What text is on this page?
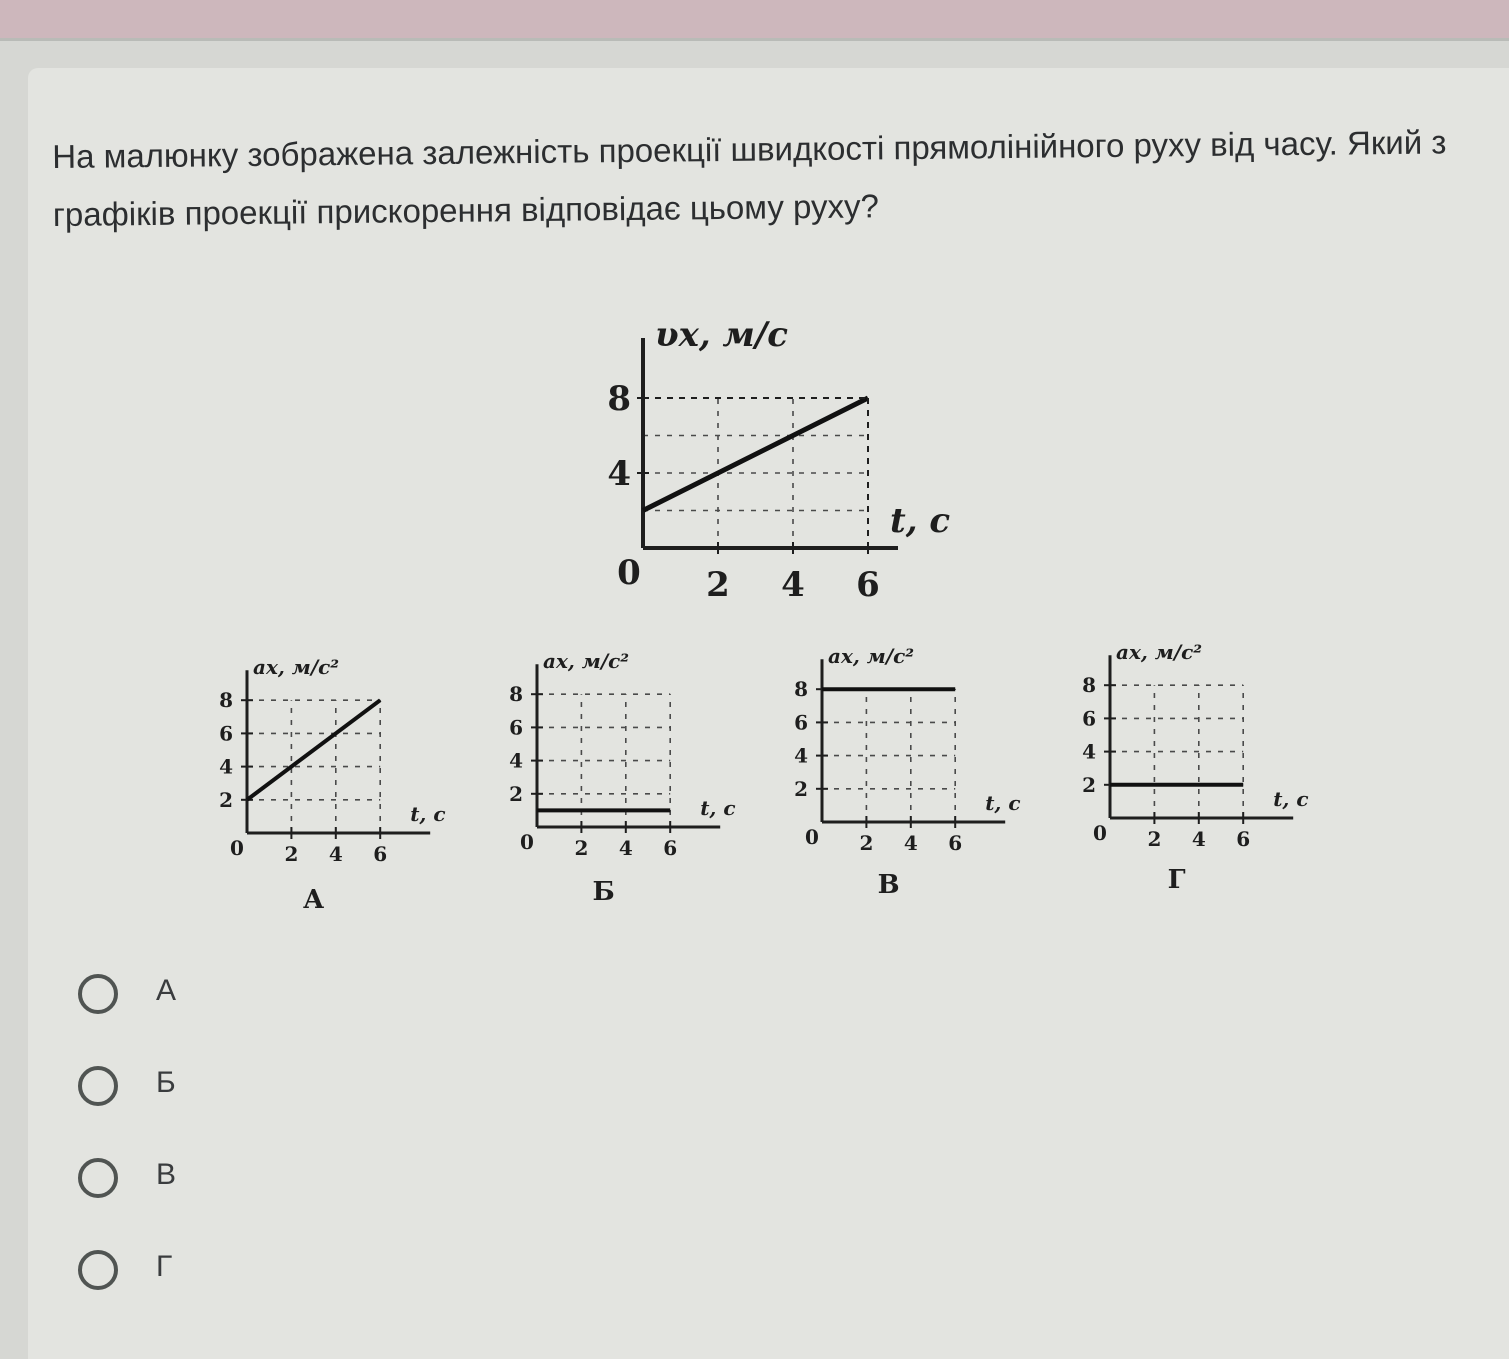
На малюнку зображена залежність проекції швидкості прямолінійного руху від часу. Який з графіків проекції прискорення відповідає цьому руху?
4
8
2 4 6
0
υx, м/с
t, с
2
4
6
8
2 4 6
0
ax, м/с²
t, с
А
2
4
6
8
2 4 6
0
ax, м/с²
t, с
Б
2
4
6
8
2 4 6
0
ax, м/с²
t, с
В
2
4
6
8
2 4 6
0
ax, м/с²
t, с
Г
А
Б
В
Г
